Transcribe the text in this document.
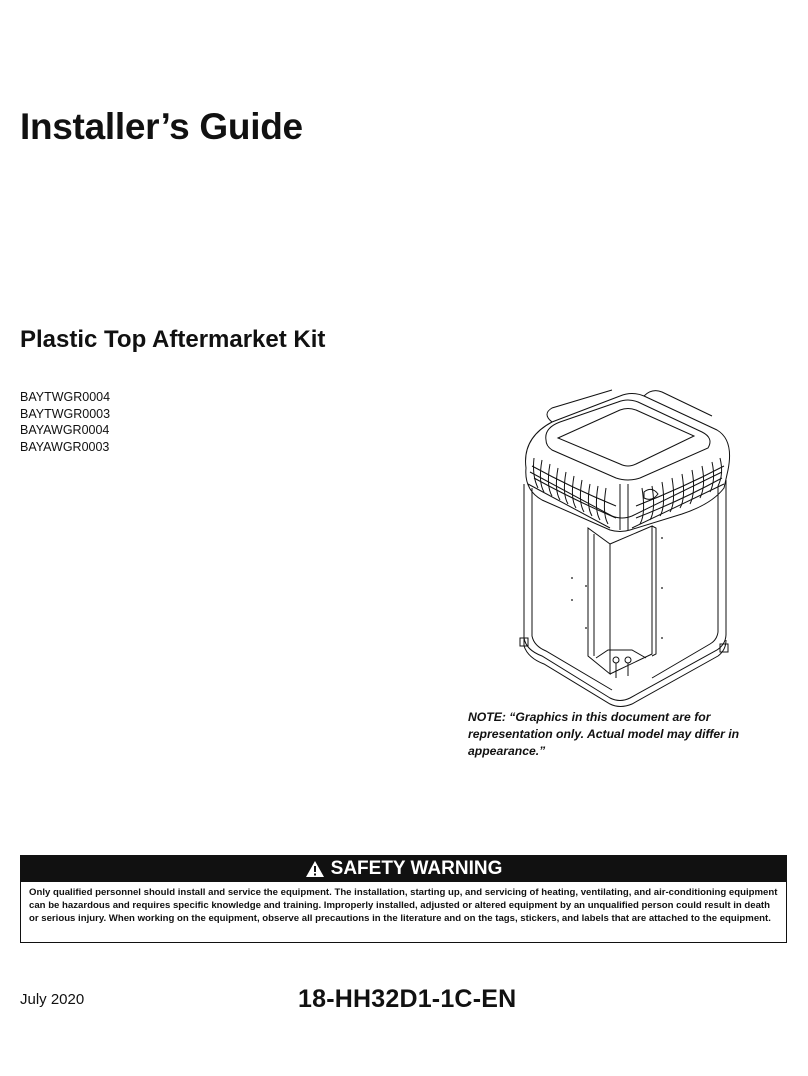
Installer’s Guide
Plastic Top Aftermarket Kit
BAYTWGR0004
BAYTWGR0003
BAYAWGR0004
BAYAWGR0003
NOTE: “Graphics in this document are for representation only. Actual model may differ in appearance.”
SAFETY WARNING
Only qualified personnel should install and service the equipment. The installation, starting up, and servicing of heating, ventilating, and air-conditioning equipment can be hazardous and requires specific knowledge and training. Improperly installed, adjusted or altered equipment by an unqualified person could result in death or serious injury. When working on the equipment, observe all precautions in the literature and on the tags, stickers, and labels that are attached to the equipment.
July 2020	18-HH32D1-1C-EN
